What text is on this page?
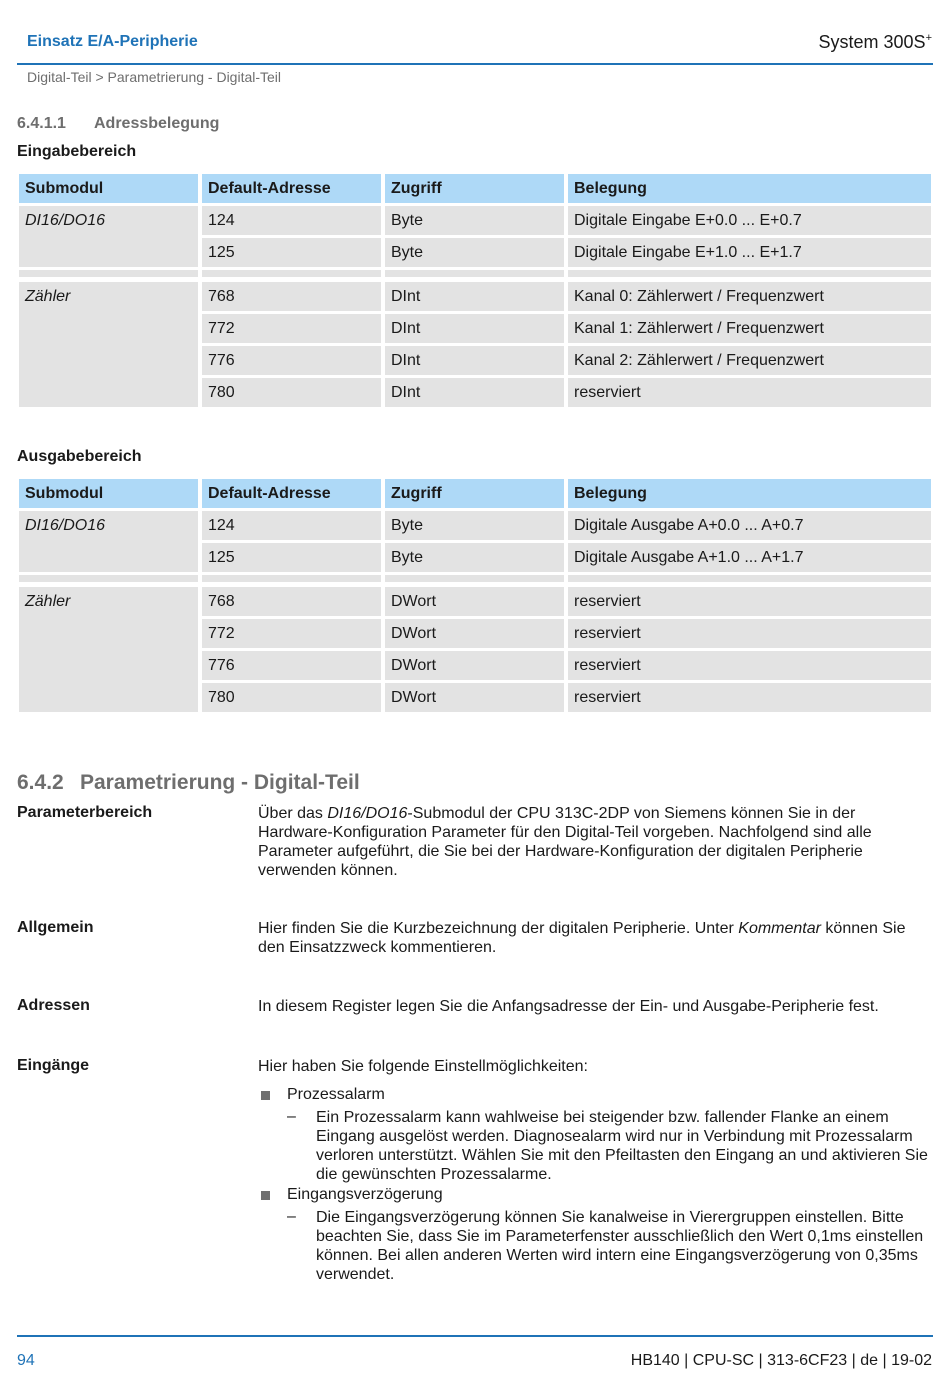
Einsatz E/A-Peripherie	System 300S+
Digital-Teil > Parametrierung - Digital-Teil
6.4.1.1 Adressbelegung
Eingabebereich
Submodul	Default-Adresse	Zugriff	Belegung
DI16/DO16	124	Byte	Digitale Eingabe E+0.0 ... E+0.7
125	Byte	Digitale Eingabe E+1.0 ... E+1.7
Zähler	768	DInt	Kanal 0: Zählerwert / Frequenzwert
772	DInt	Kanal 1: Zählerwert / Frequenzwert
776	DInt	Kanal 2: Zählerwert / Frequenzwert
780	DInt	reserviert
Ausgabebereich
Submodul	Default-Adresse	Zugriff	Belegung
DI16/DO16	124	Byte	Digitale Ausgabe A+0.0 ... A+0.7
125	Byte	Digitale Ausgabe A+1.0 ... A+1.7
Zähler	768	DWort	reserviert
772	DWort	reserviert
776	DWort	reserviert
780	DWort	reserviert
6.4.2 Parametrierung - Digital-Teil
Parameterbereich	Über das DI16/DO16-Submodul der CPU 313C-2DP von Siemens können Sie in der Hardware-Konfiguration Parameter für den Digital-Teil vorgeben. Nachfolgend sind alle Parameter aufgeführt, die Sie bei der Hardware-Konfiguration der digitalen Peripherie verwenden können.
Allgemein	Hier finden Sie die Kurzbezeichnung der digitalen Peripherie. Unter Kommentar können Sie den Einsatzzweck kommentieren.
Adressen	In diesem Register legen Sie die Anfangsadresse der Ein- und Ausgabe-Peripherie fest.
Eingänge	Hier haben Sie folgende Einstellmöglichkeiten:
Prozessalarm
– Ein Prozessalarm kann wahlweise bei steigender bzw. fallender Flanke an einem Eingang ausgelöst werden. Diagnosealarm wird nur in Verbindung mit Prozessalarm verloren unterstützt. Wählen Sie mit den Pfeiltasten den Eingang an und aktivieren Sie die gewünschten Prozessalarme.
Eingangsverzögerung
– Die Eingangsverzögerung können Sie kanalweise in Vierergruppen einstellen. Bitte beachten Sie, dass Sie im Parameterfenster ausschließlich den Wert 0,1ms einstellen können. Bei allen anderen Werten wird intern eine Eingangsverzögerung von 0,35ms verwendet.
94	HB140 | CPU-SC | 313-6CF23 | de | 19-02
